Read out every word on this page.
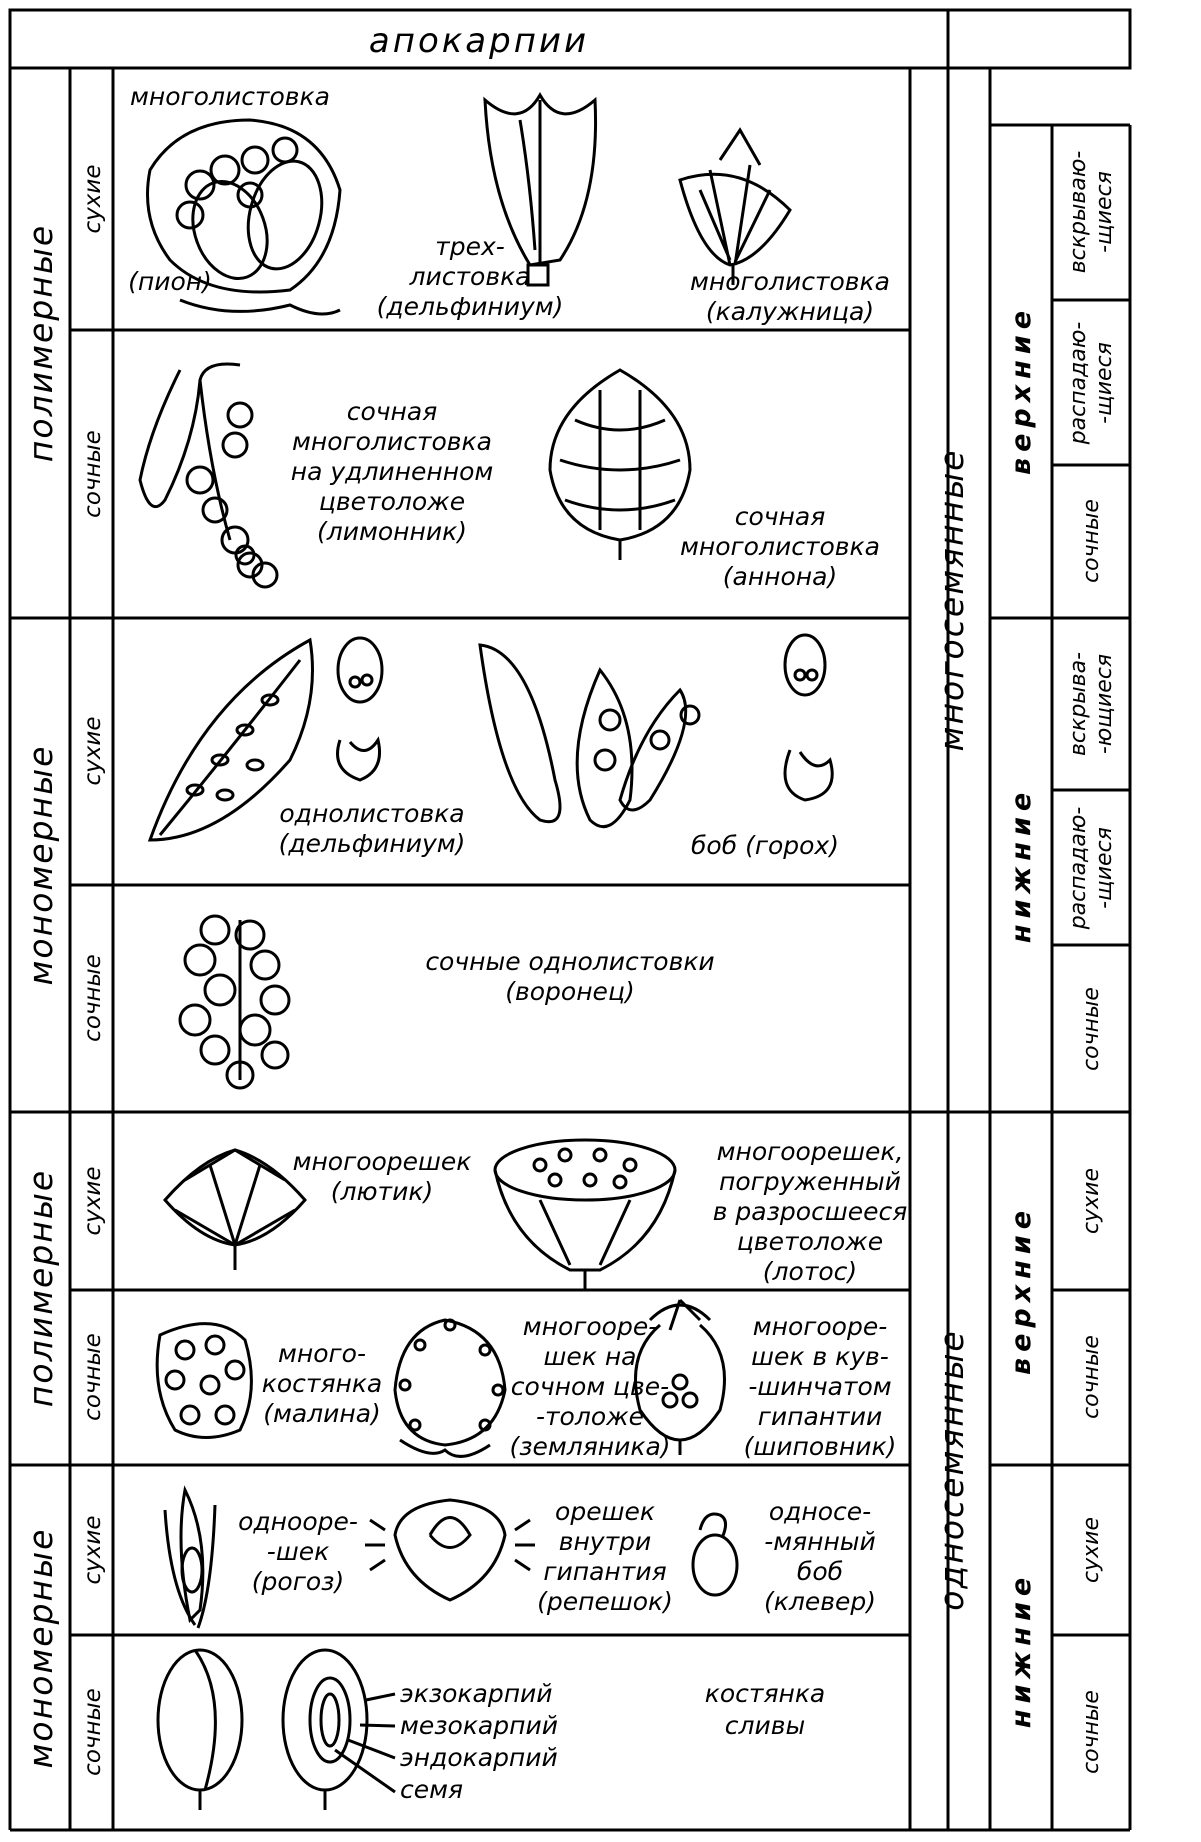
апокарпии
полимерные
мономерные
полимерные
мономерные
сухие
сочные
сухие
сочные
сухие
сочные
сухие
сочные
многосемянные
односемянные
верхние
нижние
верхние
нижние
вскрываю--щиеся
распадаю--щиеся
сочные
вскрыва--ющиеся
распадаю--щиеся
сочные
сухие
сочные
сухие
сочные
многолистовка
(пион)
трех-листовка (дельфиниум)
многолистовка (калужница)
сочная многолистовка на удлиненном цветоложе (лимонник)
сочная многолистовка (аннона)
однолистовка (дельфиниум)	боб (горох)
сочные однолистовки (воронец)
многоорешек (лютик)
многоорешек, погруженный в разросшееся цветоложе (лотос)
много-костянка (малина)
многоopе-шек на сочном цве--толоже (земляника)
многоopе-шек в кув--шинчатом гипантии (шиповник)
одноopе--шек (рогоз)
орешек внутри гипантия (репешок)
односе--мянный боб (клевер)
экзокарпий мезокарпий эндокарпий семя
костянка сливы
